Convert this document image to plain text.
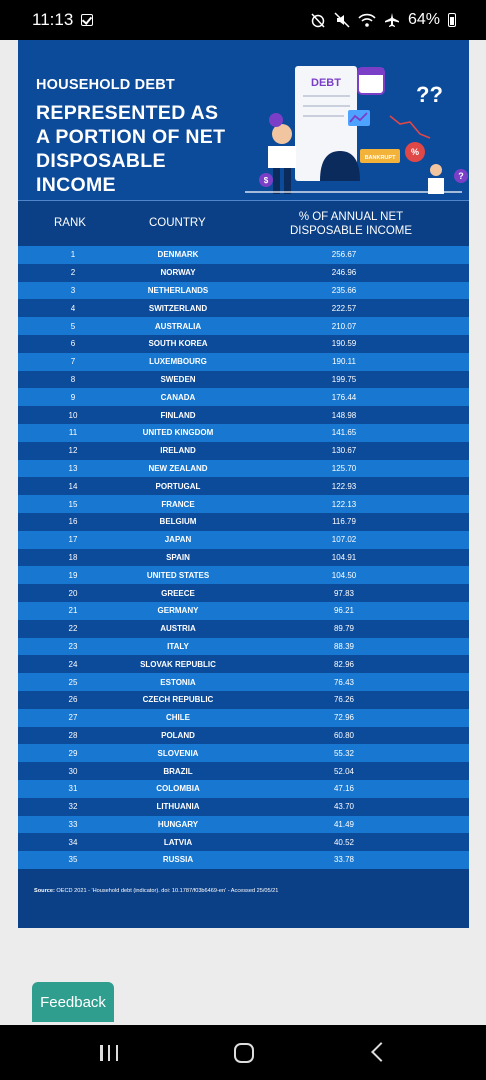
11:13	64%
HOUSEHOLD DEBT
REPRESENTED AS A PORTION OF NET DISPOSABLE INCOME
DEBT
BANKRUPT
??
%
?
$
RANK	COUNTRY	% OF ANNUAL NET DISPOSABLE INCOME
1	DENMARK	256.67
2	NORWAY	246.96
3	NETHERLANDS	235.66
4	SWITZERLAND	222.57
5	AUSTRALIA	210.07
6	SOUTH KOREA	190.59
7	LUXEMBOURG	190.11
8	SWEDEN	199.75
9	CANADA	176.44
10	FINLAND	148.98
11	UNITED KINGDOM	141.65
12	IRELAND	130.67
13	NEW ZEALAND	125.70
14	PORTUGAL	122.93
15	FRANCE	122.13
16	BELGIUM	116.79
17	JAPAN	107.02
18	SPAIN	104.91
19	UNITED STATES	104.50
20	GREECE	97.83
21	GERMANY	96.21
22	AUSTRIA	89.79
23	ITALY	88.39
24	SLOVAK REPUBLIC	82.96
25	ESTONIA	76.43
26	CZECH REPUBLIC	76.26
27	CHILE	72.96
28	POLAND	60.80
29	SLOVENIA	55.32
30	BRAZIL	52.04
31	COLOMBIA	47.16
32	LITHUANIA	43.70
33	HUNGARY	41.49
34	LATVIA	40.52
35	RUSSIA	33.78
Source: OECD 2021 - 'Household debt (indicator). doi: 10.1787/f03b6469-en' - Accessed 25/05/21
Feedback
